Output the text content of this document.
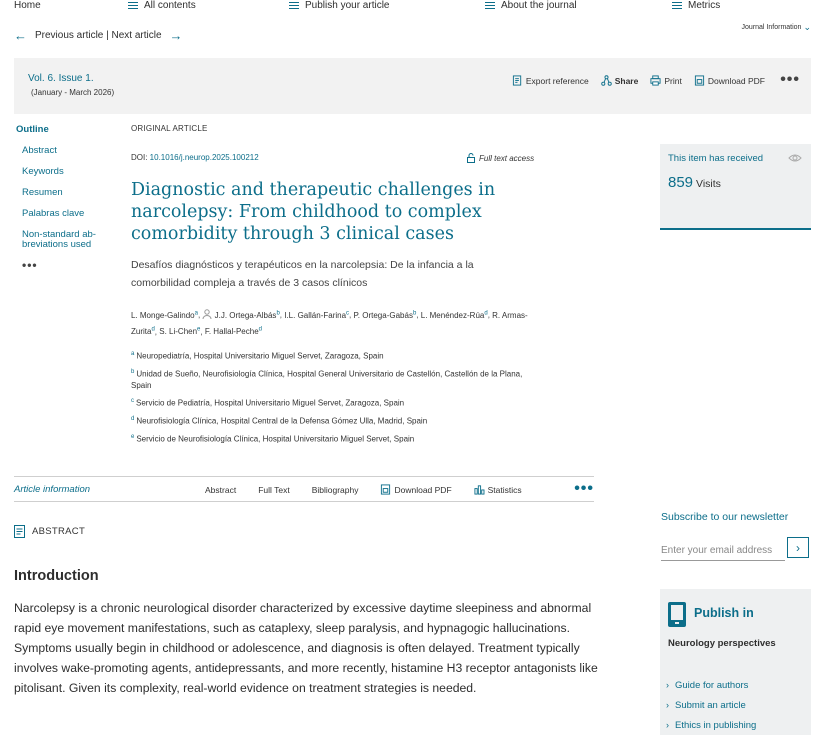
Home	All contents	Publish your article	About the journal	Metrics
← Previous article | Next article →
Journal Information ⌄
Vol. 6. Issue 1.
(January - March 2026)
Export reference	Share	Print	Download PDF •••
Outline
Abstract
Keywords
Resumen
Palabras clave
Non-standard ab-breviations used
•••
ORIGINAL ARTICLE
DOI: 10.1016/j.neurop.2025.100212	Full text access
Diagnostic and therapeutic challenges in narcolepsy: From childhood to complex comorbidity through 3 clinical cases
Desafíos diagnósticos y terapéuticos en la narcolepsia: De la infancia a la comorbilidad compleja a través de 3 casos clínicos
L. Monge-Galindo$^a$,  J.J. Ortega-Albás$^b$, I.L. Gallán-Farina$^c$, P. Ortega-Gabás$^b$, L. Menéndez-Rúa$^d$, R. Armas-Zurita$^d$, S. Li-Chen$^e$, F. Hallal-Peche$^d$
$^a$ Neuropediatría, Hospital Universitario Miguel Servet, Zaragoza, Spain
$^b$ Unidad de Sueño, Neurofisiología Clínica, Hospital General Universitario de Castellón, Castellón de la Plana, Spain
$^c$ Servicio de Pediatría, Hospital Universitario Miguel Servet, Zaragoza, Spain
$^d$ Neurofisiología Clínica, Hospital Central de la Defensa Gómez Ulla, Madrid, Spain
$^e$ Servicio de Neurofisiología Clínica, Hospital Universitario Miguel Servet, Spain
This item has received
859 Visits
Article information	Abstract	Full Text	Bibliography	Download PDF	Statistics	•••
ABSTRACT
Introduction

Narcolepsy is a chronic neurological disorder characterized by excessive daytime sleepiness and abnormal rapid eye movement manifestations, such as cataplexy, sleep paralysis, and hypnagogic hallucinations. Symptoms usually begin in childhood or adolescence, and diagnosis is often delayed. Treatment typically involves wake-promoting agents, antidepressants, and more recently, histamine H3 receptor antagonists like pitolisant. Given its complexity, real-world evidence on treatment strategies is needed.

Subscribe to our newsletter
Enter your email address
›
Publish in
Neurology perspectives
› Guide for authors
› Submit an article
› Ethics in publishing
